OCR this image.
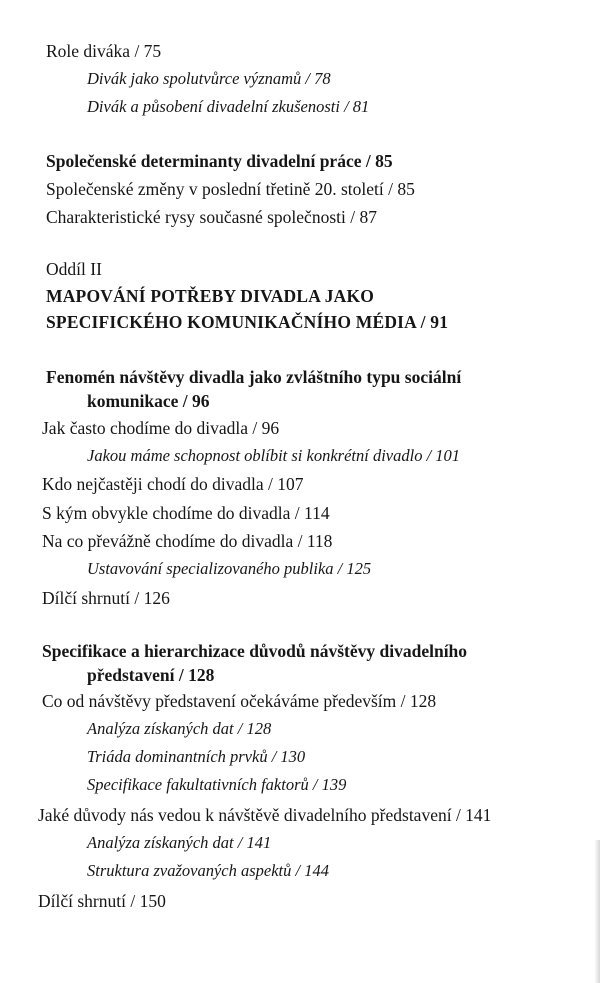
Role diváka / 75
Divák jako spolutvůrce významů / 78
Divák a působení divadelní zkušenosti / 81
Společenské determinanty divadelní práce / 85
Společenské změny v poslední třetině 20. století / 85
Charakteristické rysy současné společnosti / 87
Oddíl II
MAPOVÁNÍ POTŘEBY DIVADLA JAKO
SPECIFICKÉHO KOMUNIKAČNÍHO MÉDIA / 91
Fenomén návštěvy divadla jako zvláštního typu sociální
komunikace / 96
Jak často chodíme do divadla / 96
Jakou máme schopnost oblíbit si konkrétní divadlo / 101
Kdo nejčastěji chodí do divadla / 107
S kým obvykle chodíme do divadla / 114
Na co převážně chodíme do divadla / 118
Ustavování specializovaného publika / 125
Dílčí shrnutí / 126
Specifikace a hierarchizace důvodů návštěvy divadelního
představení / 128
Co od návštěvy představení očekáváme především / 128
Analýza získaných dat / 128
Triáda dominantních prvků / 130
Specifikace fakultativních faktorů / 139
Jaké důvody nás vedou k návštěvě divadelního představení / 141
Analýza získaných dat / 141
Struktura zvažovaných aspektů / 144
Dílčí shrnutí / 150
